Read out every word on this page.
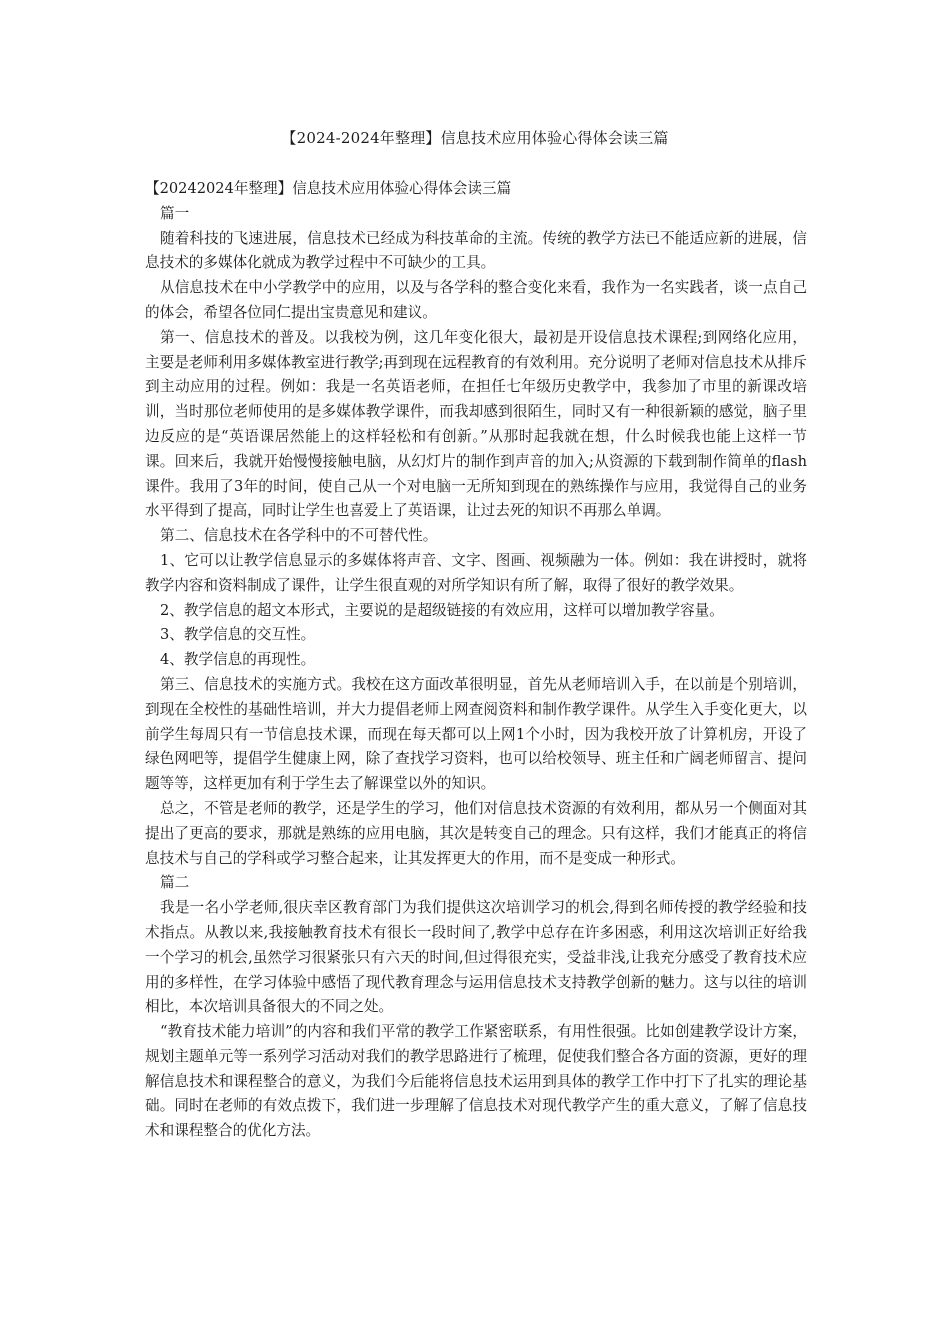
【2024-2024年整理】信息技术应用体验心得体会读三篇

【20242024年整理】信息技术应用体验心得体会读三篇

篇一

随着科技的飞速进展，信息技术已经成为科技革命的主流。传统的教学方法已不能适应新的进展，信息技术的多媒体化就成为教学过程中不可缺少的工具。

从信息技术在中小学教学中的应用，以及与各学科的整合变化来看，我作为一名实践者，谈一点自己的体会，希望各位同仁提出宝贵意见和建议。

第一、信息技术的普及。以我校为例，这几年变化很大，最初是开设信息技术课程;到网络化应用，主要是老师利用多媒体教室进行教学;再到现在远程教育的有效利用。充分说明了老师对信息技术从排斥到主动应用的过程。例如：我是一名英语老师，在担任七年级历史教学中，我参加了市里的新课改培训，当时那位老师使用的是多媒体教学课件，而我却感到很陌生，同时又有一种很新颖的感觉，脑子里边反应的是“英语课居然能上的这样轻松和有创新。”从那时起我就在想，什么时候我也能上这样一节课。回来后，我就开始慢慢接触电脑，从幻灯片的制作到声音的加入;从资源的下载到制作简单的flash课件。我用了3年的时间，使自己从一个对电脑一无所知到现在的熟练操作与应用，我觉得自己的业务水平得到了提高，同时让学生也喜爱上了英语课，让过去死的知识不再那么单调。

第二、信息技术在各学科中的不可替代性。

1、它可以让教学信息显示的多媒体将声音、文字、图画、视频融为一体。例如：我在讲授时，就将教学内容和资料制成了课件，让学生很直观的对所学知识有所了解，取得了很好的教学效果。

2、教学信息的超文本形式，主要说的是超级链接的有效应用，这样可以增加教学容量。

3、教学信息的交互性。

4、教学信息的再现性。

第三、信息技术的实施方式。我校在这方面改革很明显，首先从老师培训入手，在以前是个别培训，到现在全校性的基础性培训，并大力提倡老师上网查阅资料和制作教学课件。从学生入手变化更大，以前学生每周只有一节信息技术课，而现在每天都可以上网1个小时，因为我校开放了计算机房，开设了绿色网吧等，提倡学生健康上网，除了查找学习资料，也可以给校领导、班主任和广阔老师留言、提问题等等，这样更加有利于学生去了解课堂以外的知识。

总之，不管是老师的教学，还是学生的学习，他们对信息技术资源的有效利用，都从另一个侧面对其提出了更高的要求，那就是熟练的应用电脑，其次是转变自己的理念。只有这样，我们才能真正的将信息技术与自己的学科或学习整合起来，让其发挥更大的作用，而不是变成一种形式。

篇二

我是一名小学老师,很庆幸区教育部门为我们提供这次培训学习的机会,得到名师传授的教学经验和技术指点。从教以来,我接触教育技术有很长一段时间了,教学中总存在许多困惑，利用这次培训正好给我一个学习的机会,虽然学习很紧张只有六天的时间,但过得很充实，受益非浅,让我充分感受了教育技术应用的多样性，在学习体验中感悟了现代教育理念与运用信息技术支持教学创新的魅力。这与以往的培训相比，本次培训具备很大的不同之处。

“教育技术能力培训”的内容和我们平常的教学工作紧密联系，有用性很强。比如创建教学设计方案，规划主题单元等一系列学习活动对我们的教学思路进行了梳理，促使我们整合各方面的资源，更好的理解信息技术和课程整合的意义，为我们今后能将信息技术运用到具体的教学工作中打下了扎实的理论基础。同时在老师的有效点拨下，我们进一步理解了信息技术对现代教学产生的重大意义，了解了信息技术和课程整合的优化方法。
